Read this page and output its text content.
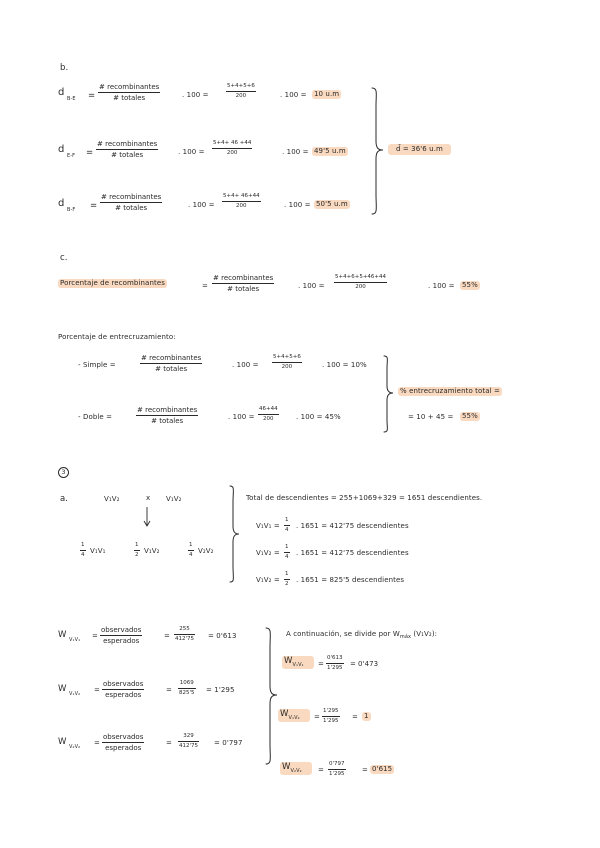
b.
d
B-E =
# recombinantes
# totales	. 100 =
5+4+5+6
200	. 100 = 10 u.m
d
E-F =
# recombinantes
# totales	. 100 =
5+4+ 46 +44
200	. 100 = 49'5 u.m
d
B-F =
# recombinantes
# totales	. 100 =
5+4+ 46+44
200	. 100 = 50'5 u.m
d̄ = 36'6 u.m
c.
Porcentaje de recombinantes	=
# recombinantes
# totales	. 100 =
5+4+6+5+46+44
200	. 100 = 55%
Porcentaje de entrecruzamiento:
- Simple =
# recombinantes
# totales	. 100 =
5+4+5+6
200	. 100 = 10%
- Doble =
# recombinantes
# totales	. 100 =
46+44
200	. 100 = 45%
% entrecruzamiento total =
= 10 + 45 = 55%
3
a.	V₁V₂	x V₁V₂
1
4 V₁V₁
1
2 V₁V₂
1
4 V₂V₂
Total de descendientes = 255+1069+329 = 1651 descendientes.
V₁V₁ =
1
4 . 1651 = 412'75 descendientes
V₁V₂ =
1
4 . 1651 = 412'75 descendientes
V₁V₂ =
1
2 . 1651 = 825'5 descendientes
W V₁V₁ =
observados
esperados
=
255
412'75 = 0'613
W V₁V₂ =
observados
esperados
=
1069
825'5 = 1'295
W V₂V₂ =
observados
esperados
=
329
412'75 = 0'797
A continuación, se divide por $W_{máx}$ (V₁V₂):
$W_{V_1V_1}$	=
0'613
1'295 = 0'473
$W_{V_1V_2}$	=
1'295
1'295 = 1
$W_{V_2V_2}$	=
0'797
1'295 = 0'615
